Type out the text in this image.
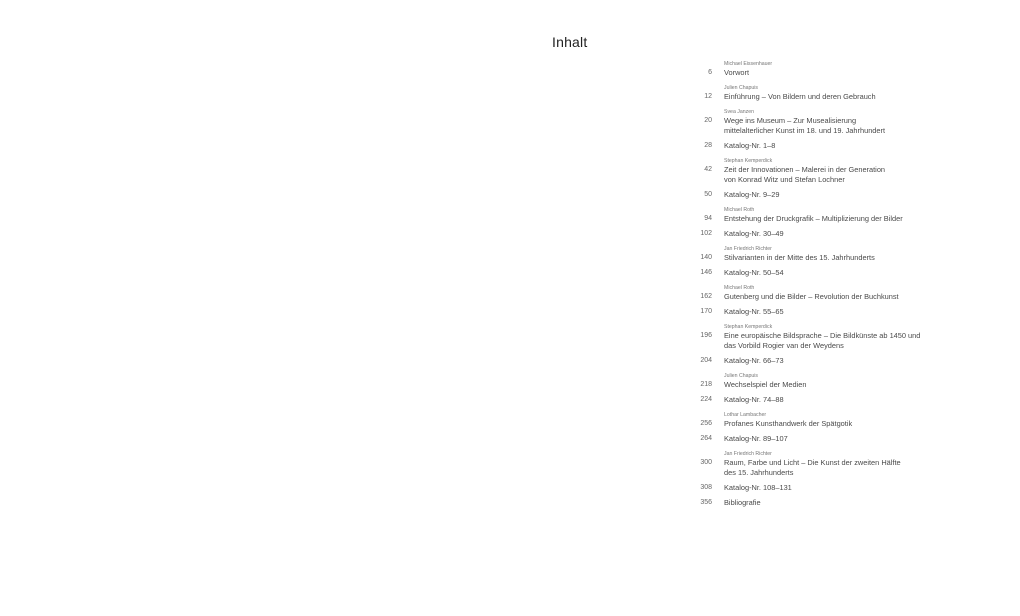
Inhalt
Michael Eissenhauer
6 Vorwort
Julien Chapuis
12 Einführung – Von Bildern und deren Gebrauch
Svea Janzen
20 Wege ins Museum – Zur Musealisierung
mittelalterlicher Kunst im 18. und 19. Jahrhundert
28 Katalog-Nr. 1–8
Stephan Kemperdick
42 Zeit der Innovationen – Malerei in der Generation
von Konrad Witz und Stefan Lochner
50 Katalog-Nr. 9–29
Michael Roth
94 Entstehung der Druckgrafik – Multiplizierung der Bilder
102 Katalog-Nr. 30–49
Jan Friedrich Richter
140 Stilvarianten in der Mitte des 15. Jahrhunderts
146 Katalog-Nr. 50–54
Michael Roth
162 Gutenberg und die Bilder – Revolution der Buchkunst
170 Katalog-Nr. 55–65
Stephan Kemperdick
196 Eine europäische Bildsprache – Die Bildkünste ab 1450 und
das Vorbild Rogier van der Weydens
204 Katalog-Nr. 66–73
Julien Chapuis
218 Wechselspiel der Medien
224 Katalog-Nr. 74–88
Lothar Lambacher
256 Profanes Kunsthandwerk der Spätgotik
264 Katalog-Nr. 89–107
Jan Friedrich Richter
300 Raum, Farbe und Licht – Die Kunst der zweiten Hälfte
des 15. Jahrhunderts
308 Katalog-Nr. 108–131
356 Bibliografie
